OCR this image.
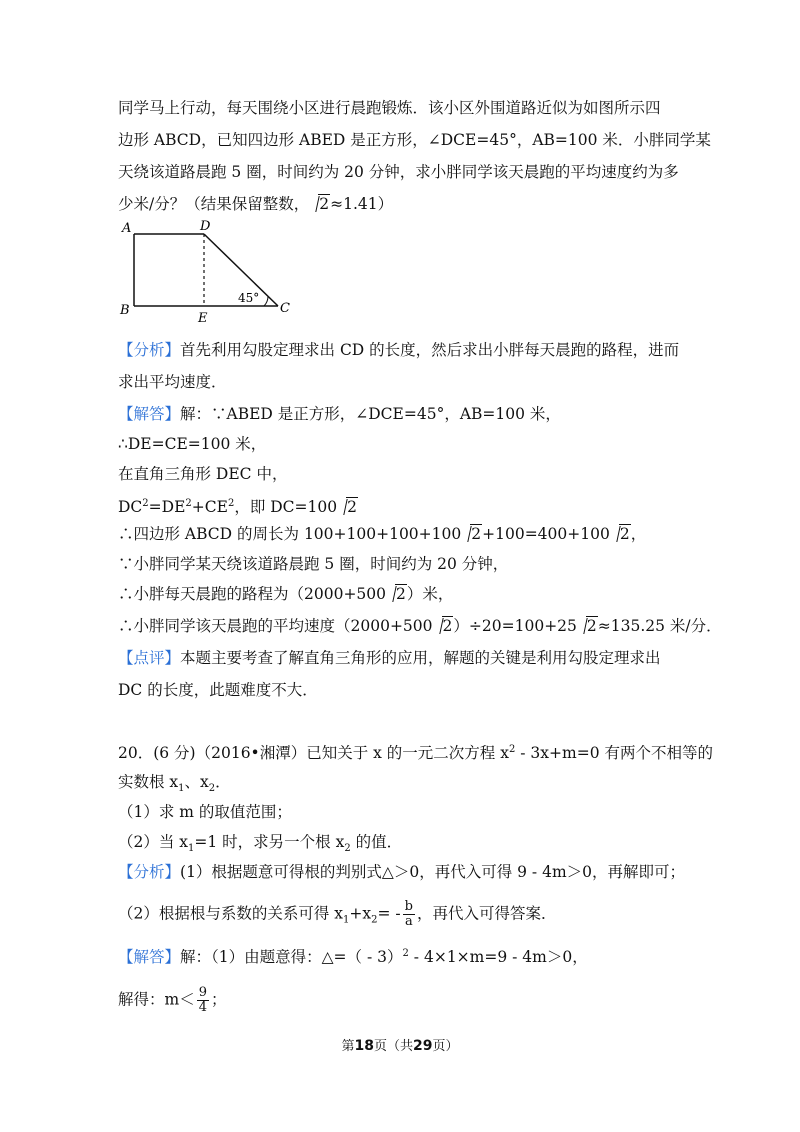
同学马上行动，每天围绕小区进行晨跑锻炼．该小区外围道路近似为如图所示四
边形 ABCD，已知四边形 ABED 是正方形，∠DCE=45°，AB=100 米．小胖同学某
天绕该道路晨跑 5 圈，时间约为 20 分钟，求小胖同学该天晨跑的平均速度约为多
少米/分？（结果保留整数， 2≈1.41）
A	D
B
E
C
45°
【分析】首先利用勾股定理求出 CD 的长度，然后求出小胖每天晨跑的路程，进而
求出平均速度．
【解答】解：∵ABED 是正方形，∠DCE=45°，AB=100 米，
∴DE=CE=100 米，
在直角三角形 DEC 中，
$DC^2=DE^2+CE^2$，即 DC=100 2
∴四边形 ABCD 的周长为 100+100+100+100 2+100=400+100 2，
∵小胖同学某天绕该道路晨跑 5 圈，时间约为 20 分钟，
∴小胖每天晨跑的路程为（2000+500 2）米，
∴小胖同学该天晨跑的平均速度（2000+500 2）÷20=100+25 2≈135.25 米/分．
【点评】本题主要考查了解直角三角形的应用，解题的关键是利用勾股定理求出
DC 的长度，此题难度不大．
20．(6 分)（2016•湘潭）已知关于 x 的一元二次方程 $x^2 - 3x+m=0$ 有两个不相等的
实数根 $x_1$、$x_2$．
（1）求 m 的取值范围；
（2）当 $x_1=1$ 时，求另一个根 $x_2$ 的值．
【分析】(1）根据题意可得根的判别式△＞0，再代入可得 9 - 4m＞0，再解即可；
（2）根据根与系数的关系可得 $x_1+x_2= - \frac{b}{a}$ ，再代入可得答案．
【解答】解：（1）由题意得：△=（ - 3）$^2$ - 4×1×m=9 - 4m＞0，
解得：$m< \frac{9}{4}$ ；
第18页（共29页）
